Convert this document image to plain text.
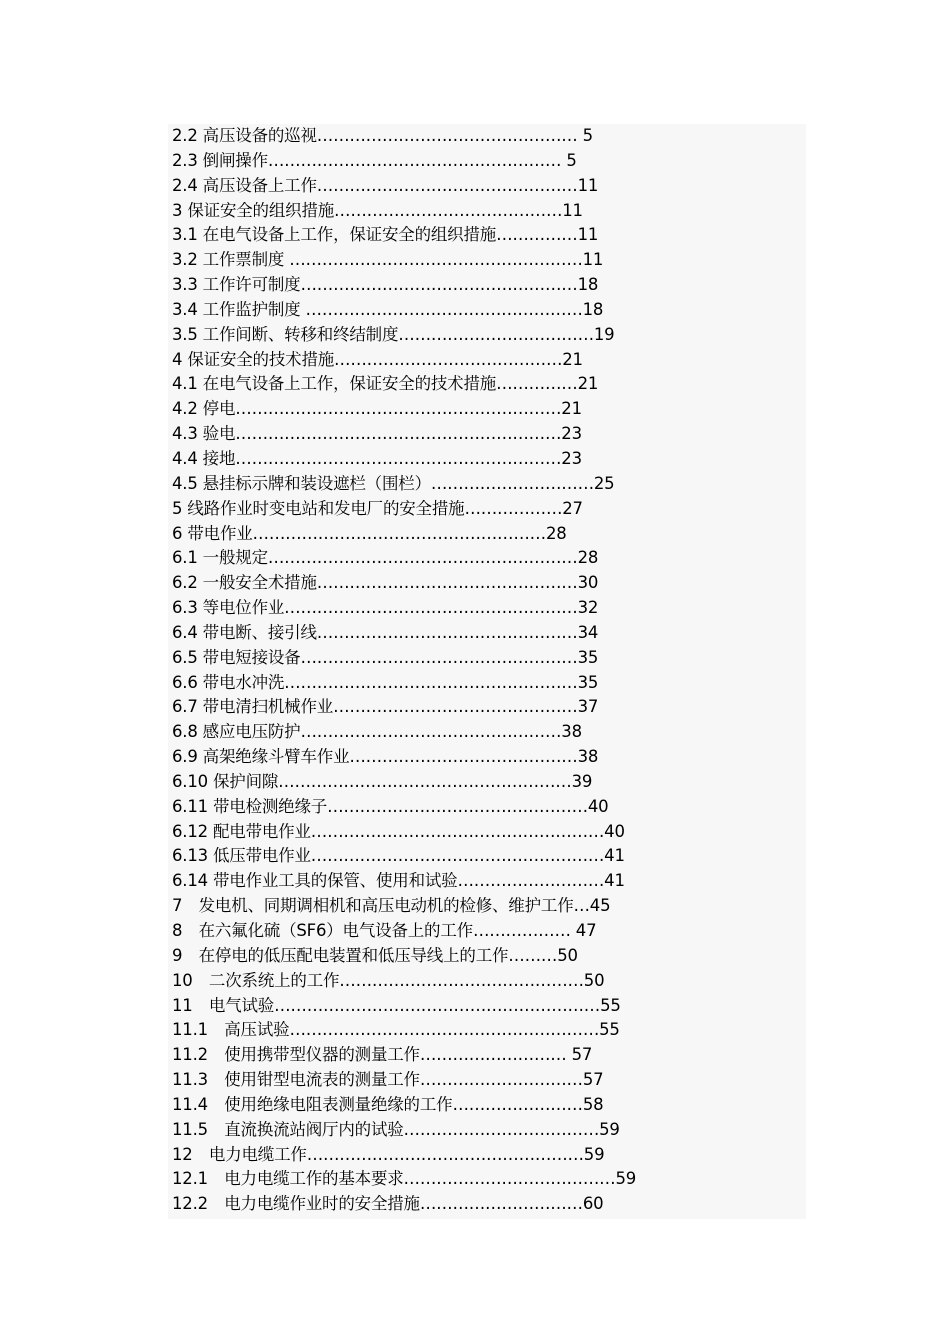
2.2 高压设备的巡视………………………………………… 5
2.3 倒闸操作……………………………………………… 5
2.4 高压设备上工作…………………………………………11
3 保证安全的组织措施……………………………………11
3.1 在电气设备上工作，保证安全的组织措施……………11
3.2 工作票制度 ………………………………………………11
3.3 工作许可制度……………………………………………18
3.4 工作监护制度 ……………………………………………18
3.5 工作间断、转移和终结制度………………………………19
4 保证安全的技术措施……………………………………21
4.1 在电气设备上工作，保证安全的技术措施……………21
4.2 停电……………………………………………………21
4.3 验电……………………………………………………23
4.4 接地……………………………………………………23
4.5 悬挂标示牌和装设遮栏（围栏）…………………………25
5 线路作业时变电站和发电厂的安全措施………………27
6 带电作业………………………………………………28
6.1 一般规定…………………………………………………28
6.2 一般安全术措施…………………………………………30
6.3 等电位作业………………………………………………32
6.4 带电断、接引线…………………………………………34
6.5 带电短接设备……………………………………………35
6.6 带电水冲洗………………………………………………35
6.7 带电清扫机械作业………………………………………37
6.8 感应电压防护…………………………………………38
6.9 高架绝缘斗臂车作业……………………………………38
6.10 保护间隙………………………………………………39
6.11 带电检测绝缘子…………………………………………40
6.12 配电带电作业………………………………………………40
6.13 低压带电作业………………………………………………41
6.14 带电作业工具的保管、使用和试验………………………41
7　发电机、同期调相机和高压电动机的检修、维护工作…45
8　在六氟化硫（SF6）电气设备上的工作……………… 47
9　在停电的低压配电装置和低压导线上的工作………50
10　二次系统上的工作………………………………………50
11　电气试验……………………………………………………55
11.1　高压试验…………………………………………………55
11.2　使用携带型仪器的测量工作……………………… 57
11.3　使用钳型电流表的测量工作…………………………57
11.4　使用绝缘电阻表测量绝缘的工作……………………58
11.5　直流换流站阀厅内的试验………………………………59
12　电力电缆工作……………………………………………59
12.1　电力电缆工作的基本要求…………………………………59
12.2　电力电缆作业时的安全措施…………………………60
